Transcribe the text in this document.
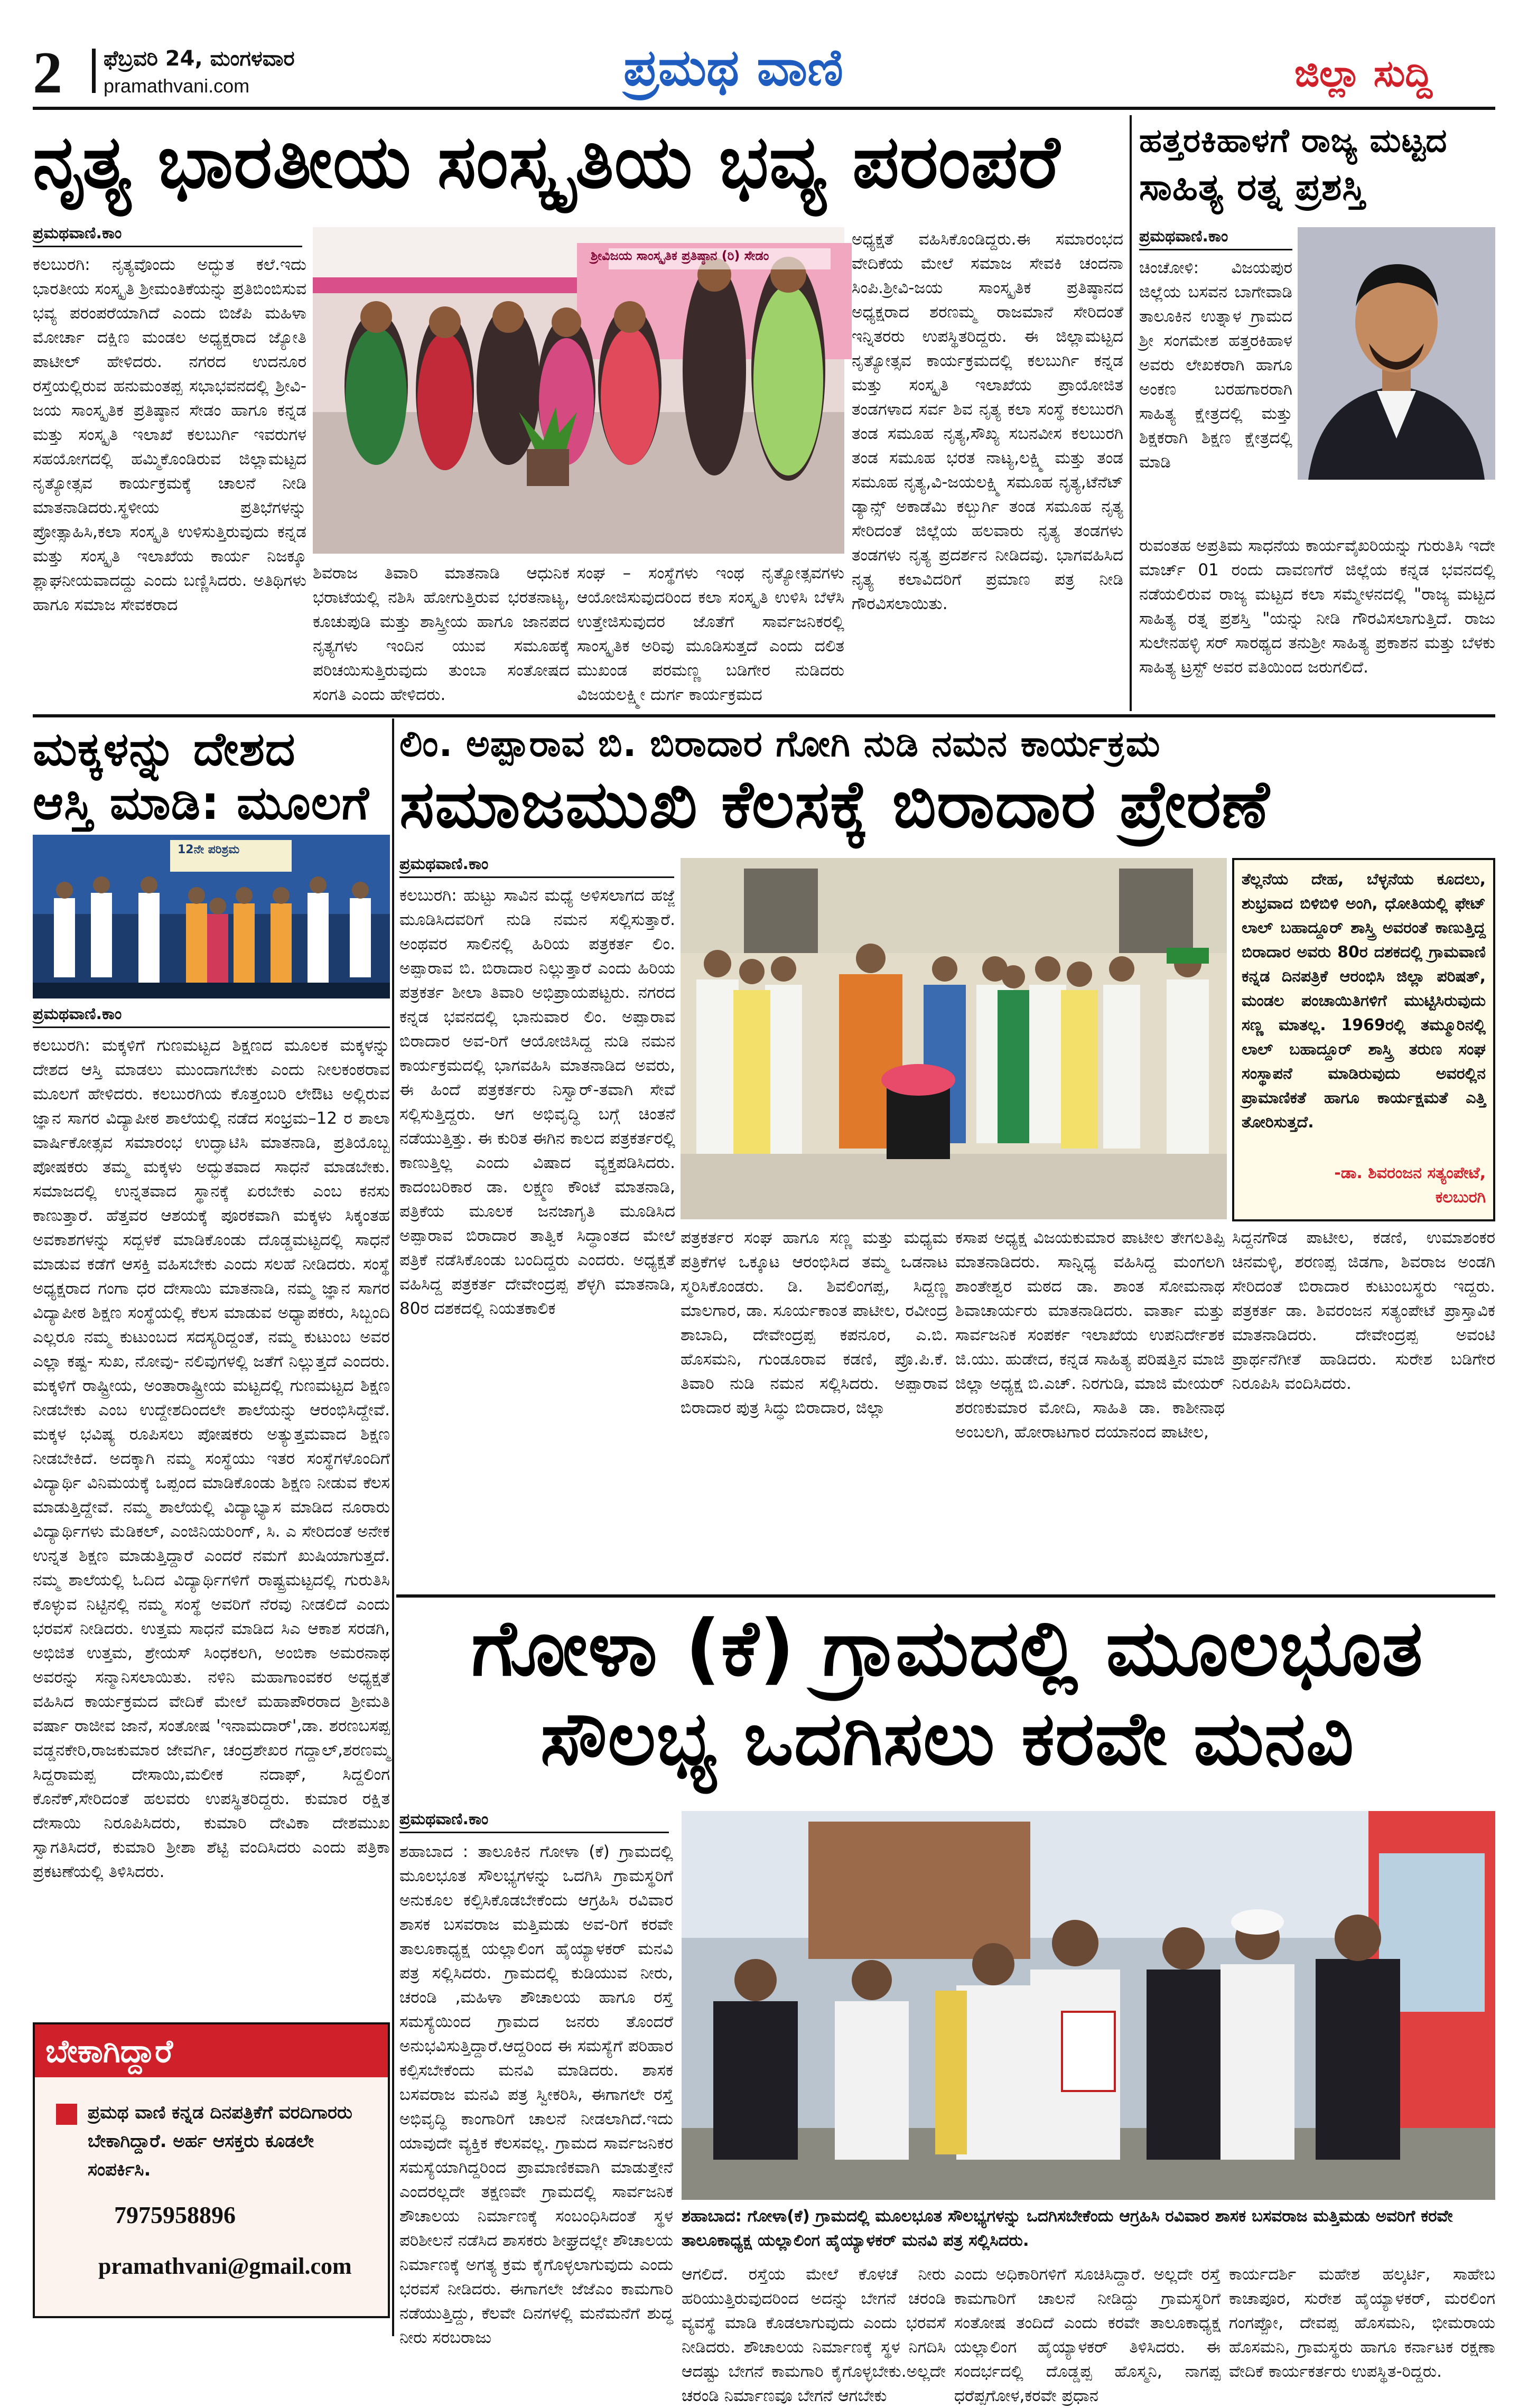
2 ಫೆಬ್ರವರಿ 24, ಮಂಗಳವಾರ
pramathvani.com	ಪ್ರಮಥ ವಾಣಿ	ಜಿಲ್ಲಾ ಸುದ್ದಿ
ನೃತ್ಯ ಭಾರತೀಯ ಸಂಸ್ಕೃತಿಯ ಭವ್ಯ ಪರಂಪರೆ
ಪ್ರಮಥವಾಣಿ.ಕಾಂ
ಕಲಬುರಗಿ: ನೃತ್ಯವೊಂದು ಅದ್ಭುತ ಕಲೆ.ಇದು ಭಾರತೀಯ ಸಂಸ್ಕೃತಿ ಶ್ರೀಮಂತಿಕೆಯನ್ನು ಪ್ರತಿಬಿಂಬಿಸುವ ಭವ್ಯ ಪರಂಪರೆಯಾಗಿದೆ ಎಂದು ಬಿಜೆಪಿ ಮಹಿಳಾ ಮೋರ್ಚಾ ದಕ್ಷಿಣ ಮಂಡಲ ಅಧ್ಯಕ್ಷರಾದ ಜ್ಯೋತಿ ಪಾಟೀಲ್ ಹೇಳಿದರು. ನಗರದ ಉದನೂರ ರಸ್ತೆಯಲ್ಲಿರುವ ಹನುಮಂತಪ್ಪ ಸಭಾಭವನದಲ್ಲಿ ಶ್ರೀವಿ-ಜಯ ಸಾಂಸ್ಕೃತಿಕ ಪ್ರತಿಷ್ಠಾನ ಸೇಡಂ ಹಾಗೂ ಕನ್ನಡ ಮತ್ತು ಸಂಸ್ಕೃತಿ ಇಲಾಖೆ ಕಲಬುರ್ಗಿ ಇವರುಗಳ ಸಹಯೋಗದಲ್ಲಿ ಹಮ್ಮಿಕೊಂಡಿರುವ ಜಿಲ್ಲಾಮಟ್ಟದ ನೃತ್ಯೋತ್ಸವ ಕಾರ್ಯಕ್ರಮಕ್ಕೆ ಚಾಲನೆ ನೀಡಿ ಮಾತನಾಡಿದರು.ಸ್ಥಳೀಯ ಪ್ರತಿಭೆಗಳನ್ನು ಪ್ರೋತ್ಸಾಹಿಸಿ,ಕಲಾ ಸಂಸ್ಕೃತಿ ಉಳಿಸುತ್ತಿರುವುದು ಕನ್ನಡ ಮತ್ತು ಸಂಸ್ಕೃತಿ ಇಲಾಖೆಯ ಕಾರ್ಯ ನಿಜಕ್ಕೂ ಶ್ಲಾಘನೀಯವಾದದ್ದು ಎಂದು ಬಣ್ಣಿಸಿದರು. ಅತಿಥಿಗಳು ಹಾಗೂ ಸಮಾಜ ಸೇವಕರಾದ
ಶ್ರೀವಿಜಯ ಸಾಂಸ್ಕೃತಿಕ ಪ್ರತಿಷ್ಠಾನ (ರಿ) ಸೇಡಂ
ಶಿವರಾಜ ತಿವಾರಿ ಮಾತನಾಡಿ ಆಧುನಿಕ ಭರಾಟೆಯಲ್ಲಿ ನಶಿಸಿ ಹೋಗುತ್ತಿರುವ ಭರತನಾಟ್ಯ, ಕೂಚುಪುಡಿ ಮತ್ತು ಶಾಸ್ತ್ರೀಯ ಹಾಗೂ ಜಾನಪದ ನೃತ್ಯಗಳು ಇಂದಿನ ಯುವ ಸಮೂಹಕ್ಕೆ ಪರಿಚಯಿಸುತ್ತಿರುವುದು ತುಂಬಾ ಸಂತೋಷದ ಸಂಗತಿ ಎಂದು ಹೇಳಿದರು.
ಸಂಘ – ಸಂಸ್ಥೆಗಳು ಇಂಥ ನೃತ್ಯೋತ್ಸವಗಳು ಆಯೋಜಿಸುವುದರಿಂದ ಕಲಾ ಸಂಸ್ಕೃತಿ ಉಳಿಸಿ ಬೆಳೆಸಿ ಉತ್ತೇಜಿಸುವುದರ ಜೊತೆಗೆ ಸಾರ್ವಜನಿಕರಲ್ಲಿ ಸಾಂಸ್ಕೃತಿಕ ಅರಿವು ಮೂಡಿಸುತ್ತದೆ ಎಂದು ದಲಿತ ಮುಖಂಡ ಪರಮಣ್ಣ ಬಡಿಗೇರ ನುಡಿದರು ವಿಜಯಲಕ್ಷ್ಮೀ ದುರ್ಗ ಕಾರ್ಯಕ್ರಮದ
ಅಧ್ಯಕ್ಷತೆ ವಹಿಸಿಕೊಂಡಿದ್ದರು.ಈ ಸಮಾರಂಭದ ವೇದಿಕೆಯ ಮೇಲೆ ಸಮಾಜ ಸೇವಕಿ ಚಂದನಾ ಸಿಂಪಿ.ಶ್ರೀವಿ-ಜಯ ಸಾಂಸ್ಕೃತಿಕ ಪ್ರತಿಷ್ಠಾನದ ಅಧ್ಯಕ್ಷರಾದ ಶರಣಮ್ಮ ರಾಜಮಾನೆ ಸೇರಿದಂತೆ ಇನ್ನಿತರರು ಉಪಸ್ಥಿತರಿದ್ದರು. ಈ ಜಿಲ್ಲಾಮಟ್ಟದ ನೃತ್ಯೋತ್ಸವ ಕಾರ್ಯಕ್ರಮದಲ್ಲಿ ಕಲಬುರ್ಗಿ ಕನ್ನಡ ಮತ್ತು ಸಂಸ್ಕೃತಿ ಇಲಾಖೆಯ ಪ್ರಾಯೋಜಿತ ತಂಡಗಳಾದ ಸರ್ವ ಶಿವ ನೃತ್ಯ ಕಲಾ ಸಂಸ್ಥೆ ಕಲಬುರಗಿ ತಂಡ ಸಮೂಹ ನೃತ್ಯ,ಸೌಖ್ಯ ಸಬನವೀಸ ಕಲಬುರಗಿ ತಂಡ ಸಮೂಹ ಭರತ ನಾಟ್ಯ,ಲಕ್ಷ್ಮಿ ಮತ್ತು ತಂಡ ಸಮೂಹ ನೃತ್ಯ,ವಿ-ಜಯಲಕ್ಷ್ಮಿ ಸಮೂಹ ನೃತ್ಯ,ಟೆನೆಟ್ ಡ್ಯಾನ್ಸ್ ಅಕಾಡೆಮಿ ಕಲ್ಬುರ್ಗಿ ತಂಡ ಸಮೂಹ ನೃತ್ಯ ಸೇರಿದಂತೆ ಜಿಲ್ಲೆಯ ಹಲವಾರು ನೃತ್ಯ ತಂಡಗಳು ತಂಡಗಳು ನೃತ್ಯ ಪ್ರದರ್ಶನ ನೀಡಿದವು. ಭಾಗವಹಿಸಿದ ನೃತ್ಯ ಕಲಾವಿದರಿಗೆ ಪ್ರಮಾಣ ಪತ್ರ ನೀಡಿ ಗೌರವಿಸಲಾಯಿತು.
ಹತ್ತರಕಿಹಾಳಗೆ ರಾಜ್ಯ ಮಟ್ಟದ
ಸಾಹಿತ್ಯ ರತ್ನ ಪ್ರಶಸ್ತಿ
ಪ್ರಮಥವಾಣಿ.ಕಾಂ
ಚಿಂಚೋಳಿ: ವಿಜಯಪುರ ಜಿಲ್ಲೆಯ ಬಸವನ ಬಾಗೇವಾಡಿ ತಾಲೂಕಿನ ಉತ್ನಾಳ ಗ್ರಾಮದ ಶ್ರೀ ಸಂಗಮೇಶ ಹತ್ತರಕಿಹಾಳ ಅವರು ಲೇಖಕರಾಗಿ ಹಾಗೂ ಅಂಕಣ ಬರಹಗಾರರಾಗಿ ಸಾಹಿತ್ಯ ಕ್ಷೇತ್ರದಲ್ಲಿ ಮತ್ತು ಶಿಕ್ಷಕರಾಗಿ ಶಿಕ್ಷಣ ಕ್ಷೇತ್ರದಲ್ಲಿ ಮಾಡಿ
ರುವಂತಹ ಅಪ್ರತಿಮ ಸಾಧನೆಯ ಕಾರ್ಯವೈಖರಿಯನ್ನು ಗುರುತಿಸಿ ಇದೇ ಮಾರ್ಚ್ 01 ರಂದು ದಾವಣಗೆರೆ ಜಿಲ್ಲೆಯ ಕನ್ನಡ ಭವನದಲ್ಲಿ ನಡೆಯಲಿರುವ ರಾಜ್ಯ ಮಟ್ಟದ ಕಲಾ ಸಮ್ಮೇಳನದಲ್ಲಿ "ರಾಜ್ಯ ಮಟ್ಟದ ಸಾಹಿತ್ಯ ರತ್ನ ಪ್ರಶಸ್ತಿ "ಯನ್ನು ನೀಡಿ ಗೌರವಿಸಲಾಗುತ್ತಿದೆ. ರಾಜು ಸುಲೇನಹಳ್ಳಿ ಸರ್ ಸಾರಥ್ಯದ ತನುಶ್ರೀ ಸಾಹಿತ್ಯ ಪ್ರಕಾಶನ ಮತ್ತು ಬೆಳಕು ಸಾಹಿತ್ಯ ಟ್ರಸ್ಟ್ ಅವರ ವತಿಯಿಂದ ಜರುಗಲಿದೆ.
ಮಕ್ಕಳನ್ನು ದೇಶದ
ಆಸ್ತಿ ಮಾಡಿ: ಮೂಲಗೆ
12ನೇ ಪರಿಶ್ರಮ
ಪ್ರಮಥವಾಣಿ.ಕಾಂ
ಕಲಬುರಗಿ: ಮಕ್ಕಳಿಗೆ ಗುಣಮಟ್ಟದ ಶಿಕ್ಷಣದ ಮೂಲಕ ಮಕ್ಕಳನ್ನು ದೇಶದ ಆಸ್ತಿ ಮಾಡಲು ಮುಂದಾಗಬೇಕು ಎಂದು ನೀಲಕಂಠರಾವ ಮೂಲಗೆ ಹೇಳಿದರು. ಕಲಬುರಗಿಯ ಕೊತ್ತಂಬರಿ ಲೇಔಟ ಅಲ್ಲಿರುವ ಜ್ಞಾನ ಸಾಗರ ವಿದ್ಯಾಪೀಠ ಶಾಲೆಯಲ್ಲಿ ನಡೆದ ಸಂಭ್ರಮ–12 ರ ಶಾಲಾ ವಾರ್ಷಿಕೋತ್ಸವ ಸಮಾರಂಭ ಉದ್ಘಾಟಿಸಿ ಮಾತನಾಡಿ, ಪ್ರತಿಯೊಬ್ಬ ಪೋಷಕರು ತಮ್ಮ ಮಕ್ಕಳು ಅದ್ಭುತವಾದ ಸಾಧನೆ ಮಾಡಬೇಕು. ಸಮಾಜದಲ್ಲಿ ಉನ್ನತವಾದ ಸ್ಥಾನಕ್ಕೆ ಏರಬೇಕು ಎಂಬ ಕನಸು ಕಾಣುತ್ತಾರೆ. ಹೆತ್ತವರ ಆಶಯಕ್ಕೆ ಪೂರಕವಾಗಿ ಮಕ್ಕಳು ಸಿಕ್ಕಂತಹ ಅವಕಾಶಗಳನ್ನು ಸದ್ಬಳಕೆ ಮಾಡಿಕೊಂಡು ದೊಡ್ಡಮಟ್ಟದಲ್ಲಿ ಸಾಧನೆ ಮಾಡುವ ಕಡೆಗೆ ಆಸಕ್ತಿ ವಹಿಸಬೇಕು ಎಂದು ಸಲಹೆ ನೀಡಿದರು. ಸಂಸ್ಥೆ ಅಧ್ಯಕ್ಷರಾದ ಗಂಗಾ ಧರ ದೇಸಾಯಿ ಮಾತನಾಡಿ, ನಮ್ಮ ಜ್ಞಾನ ಸಾಗರ ವಿದ್ಯಾಪೀಠ ಶಿಕ್ಷಣ ಸಂಸ್ಥೆಯಲ್ಲಿ ಕೆಲಸ ಮಾಡುವ ಅಧ್ಯಾಪಕರು, ಸಿಬ್ಬಂದಿ ಎಲ್ಲರೂ ನಮ್ಮ ಕುಟುಂಬದ ಸದಸ್ಯರಿದ್ದಂತೆ, ನಮ್ಮ ಕುಟುಂಬ ಅವರ ಎಲ್ಲಾ ಕಷ್ಟ- ಸುಖ, ನೋವು- ನಲಿವುಗಳಲ್ಲಿ ಜತೆಗೆ ನಿಲ್ಲುತ್ತದೆ ಎಂದರು. ಮಕ್ಕಳಿಗೆ ರಾಷ್ಟ್ರೀಯ, ಅಂತಾರಾಷ್ಟ್ರೀಯ ಮಟ್ಟದಲ್ಲಿ ಗುಣಮಟ್ಟದ ಶಿಕ್ಷಣ ನೀಡಬೇಕು ಎಂಬ ಉದ್ದೇಶದಿಂದಲೇ ಶಾಲೆಯನ್ನು ಆರಂಭಿಸಿದ್ದೇವೆ. ಮಕ್ಕಳ ಭವಿಷ್ಯ ರೂಪಿಸಲು ಪೋಷಕರು ಅತ್ಯುತ್ತಮವಾದ ಶಿಕ್ಷಣ ನೀಡಬೇಕಿದೆ. ಅದಕ್ಕಾಗಿ ನಮ್ಮ ಸಂಸ್ಥೆಯು ಇತರ ಸಂಸ್ಥೆಗಳೊಂದಿಗೆ ವಿದ್ಯಾರ್ಥಿ ವಿನಿಮಯಕ್ಕೆ ಒಪ್ಪಂದ ಮಾಡಿಕೊಂಡು ಶಿಕ್ಷಣ ನೀಡುವ ಕೆಲಸ ಮಾಡುತ್ತಿದ್ದೇವೆ. ನಮ್ಮ ಶಾಲೆಯಲ್ಲಿ ವಿದ್ಯಾಭ್ಯಾಸ ಮಾಡಿದ ನೂರಾರು ವಿದ್ಯಾರ್ಥಿಗಳು ಮೆಡಿಕಲ್, ಎಂಜಿನಿಯರಿಂಗ್, ಸಿ. ಎ ಸೇರಿದಂತೆ ಅನೇಕ ಉನ್ನತ ಶಿಕ್ಷಣ ಮಾಡುತ್ತಿದ್ದಾರೆ ಎಂದರೆ ನಮಗೆ ಖುಷಿಯಾಗುತ್ತದೆ. ನಮ್ಮ ಶಾಲೆಯಲ್ಲಿ ಓದಿದ ವಿದ್ಯಾರ್ಥಿಗಳಿಗೆ ರಾಷ್ಟ್ರಮಟ್ಟದಲ್ಲಿ ಗುರುತಿಸಿ ಕೊಳ್ಳುವ ನಿಟ್ಟಿನಲ್ಲಿ ನಮ್ಮ ಸಂಸ್ಥೆ ಅವರಿಗೆ ನೆರವು ನೀಡಲಿದೆ ಎಂದು ಭರವಸೆ ನೀಡಿದರು. ಉತ್ತಮ ಸಾಧನೆ ಮಾಡಿದ ಸಿಎ ಆಕಾಶ ಸರಡಗಿ, ಅಭಿಜಿತ ಉತ್ತಮ, ಶ್ರೇಯಸ್ ಸಿಂಧಕಲಗಿ, ಅಂಬಿಕಾ ಅಮರನಾಥ ಅವರನ್ನು ಸನ್ಮಾನಿಸಲಾಯಿತು. ನಳಿನಿ ಮಹಾಗಾಂವಕರ ಅಧ್ಯಕ್ಷತೆ ವಹಿಸಿದ ಕಾರ್ಯಕ್ರಮದ ವೇದಿಕೆ ಮೇಲೆ ಮಹಾಪೌರರಾದ ಶ್ರೀಮತಿ ವರ್ಷಾ ರಾಜೀವ ಜಾನೆ, ಸಂತೋಷ 'ಇನಾಮದಾರ್',ಡಾ. ಶರಣಬಸಪ್ಪ ವಡ್ಡನಕೇರಿ,ರಾಜಕುಮಾರ ಜೇವರ್ಗಿ, ಚಂದ್ರಶೇಖರ ಗದ್ದಾಲ್,ಶರಣಮ್ಮ ಸಿದ್ದರಾಮಪ್ಪ ದೇಸಾಯಿ,ಮಲೀಕ ನದಾಫ್, ಸಿದ್ದಲಿಂಗ ಕೊನೆಕ್,ಸೇರಿದಂತೆ ಹಲವರು ಉಪಸ್ಥಿತರಿದ್ದರು. ಕುಮಾರ ರಕ್ಷಿತ ದೇಸಾಯಿ ನಿರೂಪಿಸಿದರು, ಕುಮಾರಿ ದೇವಿಕಾ ದೇಶಮುಖ ಸ್ವಾಗತಿಸಿದರೆ, ಕುಮಾರಿ ಶ್ರೀಶಾ ಶೆಟ್ಟಿ ವಂದಿಸಿದರು ಎಂದು ಪತ್ರಿಕಾ ಪ್ರಕಟಣೆಯಲ್ಲಿ ತಿಳಿಸಿದರು.
ಬೇಕಾಗಿದ್ದಾರೆ
ಪ್ರಮಥ ವಾಣಿ ಕನ್ನಡ ದಿನಪತ್ರಿಕೆಗೆ ವರದಿಗಾರರು ಬೇಕಾಗಿದ್ದಾರೆ. ಅರ್ಹ ಆಸಕ್ತರು ಕೂಡಲೇ ಸಂಪರ್ಕಿಸಿ.
7975958896
pramathvani@gmail.com
ಲಿಂ. ಅಪ್ಪಾರಾವ ಬಿ. ಬಿರಾದಾರ ಗೋಗಿ ನುಡಿ ನಮನ ಕಾರ್ಯಕ್ರಮ
ಸಮಾಜಮುಖಿ ಕೆಲಸಕ್ಕೆ ಬಿರಾದಾರ ಪ್ರೇರಣೆ
ಪ್ರಮಥವಾಣಿ.ಕಾಂ
ಕಲಬುರಗಿ: ಹುಟ್ಟು ಸಾವಿನ ಮಧ್ಯೆ ಅಳಿಸಲಾಗದ ಹಜ್ಜೆ ಮೂಡಿಸಿದವರಿಗೆ ನುಡಿ ನಮನ ಸಲ್ಲಿಸುತ್ತಾರೆ. ಅಂಥವರ ಸಾಲಿನಲ್ಲಿ ಹಿರಿಯ ಪತ್ರಕರ್ತ ಲಿಂ. ಅಪ್ಪಾರಾವ ಬಿ. ಬಿರಾದಾರ ನಿಲ್ಲುತ್ತಾರೆ ಎಂದು ಹಿರಿಯ ಪತ್ರಕರ್ತ ಶೀಲಾ ತಿವಾರಿ ಅಭಿಪ್ರಾಯಪಟ್ಟರು. ನಗರದ ಕನ್ನಡ ಭವನದಲ್ಲಿ ಭಾನುವಾರ ಲಿಂ. ಅಪ್ಪಾರಾವ ಬಿರಾದಾರ ಅವ-ರಿಗೆ ಆಯೋಜಿಸಿದ್ದ ನುಡಿ ನಮನ ಕಾರ್ಯಕ್ರಮದಲ್ಲಿ ಭಾಗವಹಿಸಿ ಮಾತನಾಡಿದ ಅವರು, ಈ ಹಿಂದೆ ಪತ್ರಕರ್ತರು ನಿಸ್ವಾರ್-ತವಾಗಿ ಸೇವೆ ಸಲ್ಲಿಸುತ್ತಿದ್ದರು. ಆಗ ಅಭಿವೃದ್ಧಿ ಬಗ್ಗೆ ಚಿಂತನೆ ನಡೆಯುತ್ತಿತ್ತು. ಈ ಕುರಿತ ಈಗಿನ ಕಾಲದ ಪತ್ರಕರ್ತರಲ್ಲಿ ಕಾಣುತ್ತಿಲ್ಲ ಎಂದು ವಿಷಾದ ವ್ಯಕ್ತಪಡಿಸಿದರು. ಕಾದಂಬರಿಕಾರ ಡಾ. ಲಕ್ಷ್ಮಣ ಕೌಂಟೆ ಮಾತನಾಡಿ, ಪತ್ರಿಕೆಯ ಮೂಲಕ ಜನಜಾಗೃತಿ ಮೂಡಿಸಿದ ಅಪ್ಪಾರಾವ ಬಿರಾದಾರ ತಾತ್ವಿಕ ಸಿದ್ಧಾಂತದ ಮೇಲೆ ಪತ್ರಿಕೆ ನಡೆಸಿಕೊಂಡು ಬಂದಿದ್ದರು ಎಂದರು. ಅಧ್ಯಕ್ಷತೆ ವಹಿಸಿದ್ದ ಪತ್ರಕರ್ತ ದೇವೇಂದ್ರಪ್ಪ ಶೆಳ್ಳಗಿ ಮಾತನಾಡಿ, 80ರ ದಶಕದಲ್ಲಿ ನಿಯತಕಾಲಿಕ
ತೆಲ್ಲನೆಯ ದೇಹ, ಬೆಳ್ಳನೆಯ ಕೂದಲು, ಶುಭ್ರವಾದ ಬಿಳಿಬಿಳಿ ಅಂಗಿ, ಧೋತಿಯಲ್ಲಿ ಫೇಟ್ ಲಾಲ್ ಬಹಾದ್ದೂರ್ ಶಾಸ್ತ್ರಿ ಅವರಂತೆ ಕಾಣುತ್ತಿದ್ದ ಬಿರಾದಾರ ಅವರು 80ರ ದಶಕದಲ್ಲಿ ಗ್ರಾಮವಾಣಿ ಕನ್ನಡ ದಿನಪತ್ರಿಕೆ ಆರಂಭಿಸಿ ಜಿಲ್ಲಾ ಪರಿಷತ್, ಮಂಡಲ ಪಂಚಾಯಿತಿಗಳಿಗೆ ಮುಟ್ಟಿಸಿರುವುದು ಸಣ್ಣ ಮಾತಲ್ಲ. 1969ರಲ್ಲಿ ತಮ್ಮೂರಿನಲ್ಲಿ ಲಾಲ್ ಬಹಾದ್ದೂರ್ ಶಾಸ್ತ್ರಿ ತರುಣ ಸಂಘ ಸಂಸ್ಥಾಪನೆ ಮಾಡಿರುವುದು ಅವರಲ್ಲಿನ ಪ್ರಾಮಾಣಿಕತೆ ಹಾಗೂ ಕಾರ್ಯಕ್ಷಮತೆ ಎತ್ತಿ ತೋರಿಸುತ್ತದೆ.
-ಡಾ. ಶಿವರಂಜನ ಸತ್ಯಂಪೇಟೆ,
ಕಲಬುರಗಿ
ಪತ್ರಕರ್ತರ ಸಂಘ ಹಾಗೂ ಸಣ್ಣ ಮತ್ತು ಮಧ್ಯಮ ಪತ್ರಿಕೆಗಳ ಒಕ್ಕೂಟ ಆರಂಭಿಸಿದ ತಮ್ಮ ಒಡನಾಟ ಸ್ಮರಿಸಿಕೊಂಡರು. ಡಿ. ಶಿವಲಿಂಗಪ್ಪ, ಸಿದ್ದಣ್ಣ ಮಾಲಗಾರ, ಡಾ. ಸೂರ್ಯಕಾಂತ ಪಾಟೀಲ, ರವೀಂದ್ರ ಶಾಬಾದಿ, ದೇವೇಂದ್ರಪ್ಪ ಕಪನೂರ, ಎ.ಬಿ. ಹೊಸಮನಿ, ಗುಂಡೂರಾವ ಕಡಣಿ, ಪ್ರೊ.ಪಿ.ಕೆ. ತಿವಾರಿ ನುಡಿ ನಮನ ಸಲ್ಲಿಸಿದರು. ಅಪ್ಪಾರಾವ ಬಿರಾದಾರ ಪುತ್ರ ಸಿದ್ಧು ಬಿರಾದಾರ, ಜಿಲ್ಲಾ
ಕಸಾಪ ಅಧ್ಯಕ್ಷ ವಿಜಯಕುಮಾರ ಪಾಟೀಲ ತೇಗಲತಿಪ್ಪಿ ಮಾತನಾಡಿದರು. ಸಾನ್ನಿಧ್ಯ ವಹಿಸಿದ್ದ ಮಂಗಲಗಿ ಶಾಂತೇಶ್ವರ ಮಠದ ಡಾ. ಶಾಂತ ಸೋಮನಾಥ ಶಿವಾಚಾರ್ಯರು ಮಾತನಾಡಿದರು. ವಾರ್ತಾ ಮತ್ತು ಸಾರ್ವಜನಿಕ ಸಂಪರ್ಕ ಇಲಾಖೆಯ ಉಪನಿರ್ದೇಶಕ ಜಿ.ಯು. ಹುಡೇದ, ಕನ್ನಡ ಸಾಹಿತ್ಯ ಪರಿಷತ್ತಿನ ಮಾಜಿ ಜಿಲ್ಲಾ ಅಧ್ಯಕ್ಷ ಬಿ.ಎಚ್. ನಿರಗುಡಿ, ಮಾಜಿ ಮೇಯರ್ ಶರಣಕುಮಾರ ಮೋದಿ, ಸಾಹಿತಿ ಡಾ. ಕಾಶೀನಾಥ ಅಂಬಲಗಿ, ಹೋರಾಟಗಾರ ದಯಾನಂದ ಪಾಟೀಲ,
ಸಿದ್ದನಗೌಡ ಪಾಟೀಲ, ಕಡಣಿ, ಉಮಾಶಂಕರ ಚಿನಮಳ್ಳಿ, ಶರಣಪ್ಪ ಜಿಡಗಾ, ಶಿವರಾಜ ಅಂಡಗಿ ಸೇರಿದಂತೆ ಬಿರಾದಾರ ಕುಟುಂಬಸ್ಥರು ಇದ್ದರು. ಪತ್ರಕರ್ತ ಡಾ. ಶಿವರಂಜನ ಸತ್ಯಂಪೇಟೆ ಪ್ರಾಸ್ತಾವಿಕ ಮಾತನಾಡಿದರು. ದೇವೇಂದ್ರಪ್ಪ ಅವಂಟಿ ಪ್ರಾರ್ಥನೆಗೀತೆ ಹಾಡಿದರು. ಸುರೇಶ ಬಡಿಗೇರ ನಿರೂಪಿಸಿ ವಂದಿಸಿದರು.
ಗೋಳಾ (ಕೆ) ಗ್ರಾಮದಲ್ಲಿ ಮೂಲಭೂತ
ಸೌಲಭ್ಯ ಒದಗಿಸಲು ಕರವೇ ಮನವಿ
ಪ್ರಮಥವಾಣಿ.ಕಾಂ
ಶಹಾಬಾದ : ತಾಲೂಕಿನ ಗೋಳಾ (ಕೆ) ಗ್ರಾಮದಲ್ಲಿ ಮೂಲಭೂತ ಸೌಲಭ್ಯಗಳನ್ನು ಒದಗಿಸಿ ಗ್ರಾಮಸ್ಥರಿಗೆ ಅನುಕೂಲ ಕಲ್ಪಿಸಿಕೊಡಬೇಕೆಂದು ಆಗ್ರಹಿಸಿ ರವಿವಾರ ಶಾಸಕ ಬಸವರಾಜ ಮತ್ತಿಮಡು ಅವ-ರಿಗೆ ಕರವೇ ತಾಲೂಕಾಧ್ಯಕ್ಷ ಯಲ್ಲಾಲಿಂಗ ಹೈಯ್ಯಾಳಕರ್ ಮನವಿ ಪತ್ರ ಸಲ್ಲಿಸಿದರು. ಗ್ರಾಮದಲ್ಲಿ ಕುಡಿಯುವ ನೀರು, ಚರಂಡಿ ,ಮಹಿಳಾ ಶೌಚಾಲಯ ಹಾಗೂ ರಸ್ತೆ ಸಮಸ್ಯೆಯಿಂದ ಗ್ರಾಮದ ಜನರು ತೊಂದರೆ ಅನುಭವಿಸುತ್ತಿದ್ದಾರೆ.ಆದ್ದರಿಂದ ಈ ಸಮಸ್ಯೆಗೆ ಪರಿಹಾರ ಕಲ್ಪಿಸಬೇಕೆಂದು ಮನವಿ ಮಾಡಿದರು. ಶಾಸಕ ಬಸವರಾಜ ಮನವಿ ಪತ್ರ ಸ್ವೀಕರಿಸಿ, ಈಗಾಗಲೇ ರಸ್ತೆ ಅಭಿವೃದ್ಧಿ ಕಾಂಗಾರಿಗೆ ಚಾಲನೆ ನೀಡಲಾಗಿದೆ.ಇದು ಯಾವುದೇ ವ್ಯಕ್ತಿಕ ಕೆಲಸವಲ್ಲ. ಗ್ರಾಮದ ಸಾರ್ವಜನಿಕರ ಸಮಸ್ಯೆಯಾಗಿದ್ದರಿಂದ ಪ್ರಾಮಾಣಿಕವಾಗಿ ಮಾಡುತ್ತೇನೆ ಎಂದರಲ್ಲದೇ ತಕ್ಷಣವೇ ಗ್ರಾಮದಲ್ಲಿ ಸಾರ್ವಜನಿಕ ಶೌಚಾಲಯ ನಿರ್ಮಾಣಕ್ಕೆ ಸಂಬಂಧಿಸಿದಂತೆ ಸ್ಥಳ ಪರಿಶೀಲನೆ ನಡೆಸಿದ ಶಾಸಕರು ಶೀಘ್ರದಲ್ಲೇ ಶೌಚಾಲಯ ನಿರ್ಮಾಣಕ್ಕೆ ಅಗತ್ಯ ಕ್ರಮ ಕೈಗೊಳ್ಳಲಾಗುವುದು ಎಂದು ಭರವಸೆ ನೀಡಿದರು. ಈಗಾಗಲೇ ಜೆಜೆಎಂ ಕಾಮಗಾರಿ ನಡೆಯುತ್ತಿದ್ದು, ಕೆಲವೇ ದಿನಗಳಲ್ಲಿ ಮನೆಮನೆಗೆ ಶುದ್ಧ ನೀರು ಸರಬರಾಜು
ಶಹಾಬಾದ: ಗೋಳಾ(ಕೆ) ಗ್ರಾಮದಲ್ಲಿ ಮೂಲಭೂತ ಸೌಲಭ್ಯಗಳನ್ನು ಒದಗಿಸಬೇಕೆಂದು ಆಗ್ರಹಿಸಿ ರವಿವಾರ ಶಾಸಕ ಬಸವರಾಜ ಮತ್ತಿಮಡು ಅವರಿಗೆ ಕರವೇ ತಾಲೂಕಾಧ್ಯಕ್ಷ ಯಲ್ಲಾಲಿಂಗ ಹೈಯ್ಯಾಳಕರ್ ಮನವಿ ಪತ್ರ ಸಲ್ಲಿಸಿದರು.
ಆಗಲಿದೆ. ರಸ್ತೆಯ ಮೇಲೆ ಕೊಳಚೆ ನೀರು ಹರಿಯುತ್ತಿರುವುದರಿಂದ ಅದನ್ನು ಬೇಗನೆ ಚರಂಡಿ ವ್ಯವಸ್ಥೆ ಮಾಡಿ ಕೊಡಲಾಗುವುದು ಎಂದು ಭರವಸೆ ನೀಡಿದರು. ಶೌಚಾಲಯ ನಿರ್ಮಾಣಕ್ಕೆ ಸ್ಥಳ ನಿಗದಿಸಿ ಆದಷ್ಟು ಬೇಗನೆ ಕಾಮಗಾರಿ ಕೈಗೊಳ್ಳಬೇಕು.ಅಲ್ಲದೇ ಚರಂಡಿ ನಿರ್ಮಾಣವೂ ಬೇಗನೆ ಆಗಬೇಕು
ಎಂದು ಅಧಿಕಾರಿಗಳಿಗೆ ಸೂಚಿಸಿದ್ದಾರೆ. ಅಲ್ಲದೇ ರಸ್ತೆ ಕಾಮಗಾರಿಗೆ ಚಾಲನೆ ನೀಡಿದ್ದು ಗ್ರಾಮಸ್ಥರಿಗೆ ಸಂತೋಷ ತಂದಿದೆ ಎಂದು ಕರವೇ ತಾಲೂಕಾಧ್ಯಕ್ಷ ಯಲ್ಲಾಲಿಂಗ ಹೈಯ್ಯಾಳಕರ್ ತಿಳಿಸಿದರು. ಈ ಸಂದರ್ಭದಲ್ಲಿ ದೊಡ್ಡಪ್ಪ ಹೊಸ್ಮನಿ, ನಾಗಪ್ಪ ಧರೆಪ್ಪಗೋಳ,ಕರವೇ ಪ್ರಧಾನ
ಕಾರ್ಯದರ್ಶಿ ಮಹೇಶ ಹಲ್ಕರ್ಟಿ, ಸಾಹೇಬ ಕಾಚಾಪೂರ, ಸುರೇಶ ಹೈಯ್ಯಾಳಕರ್, ಮರಲಿಂಗ ಗಂಗಪ್ಪೋ, ದೇವಪ್ಪ ಹೊಸಮನಿ, ಭೀಮರಾಯ ಹೊಸಮನಿ, ಗ್ರಾಮಸ್ಥರು ಹಾಗೂ ಕರ್ನಾಟಕ ರಕ್ಷಣಾ ವೇದಿಕೆ ಕಾರ್ಯಕರ್ತರು ಉಪಸ್ಥಿತ-ರಿದ್ದರು.
